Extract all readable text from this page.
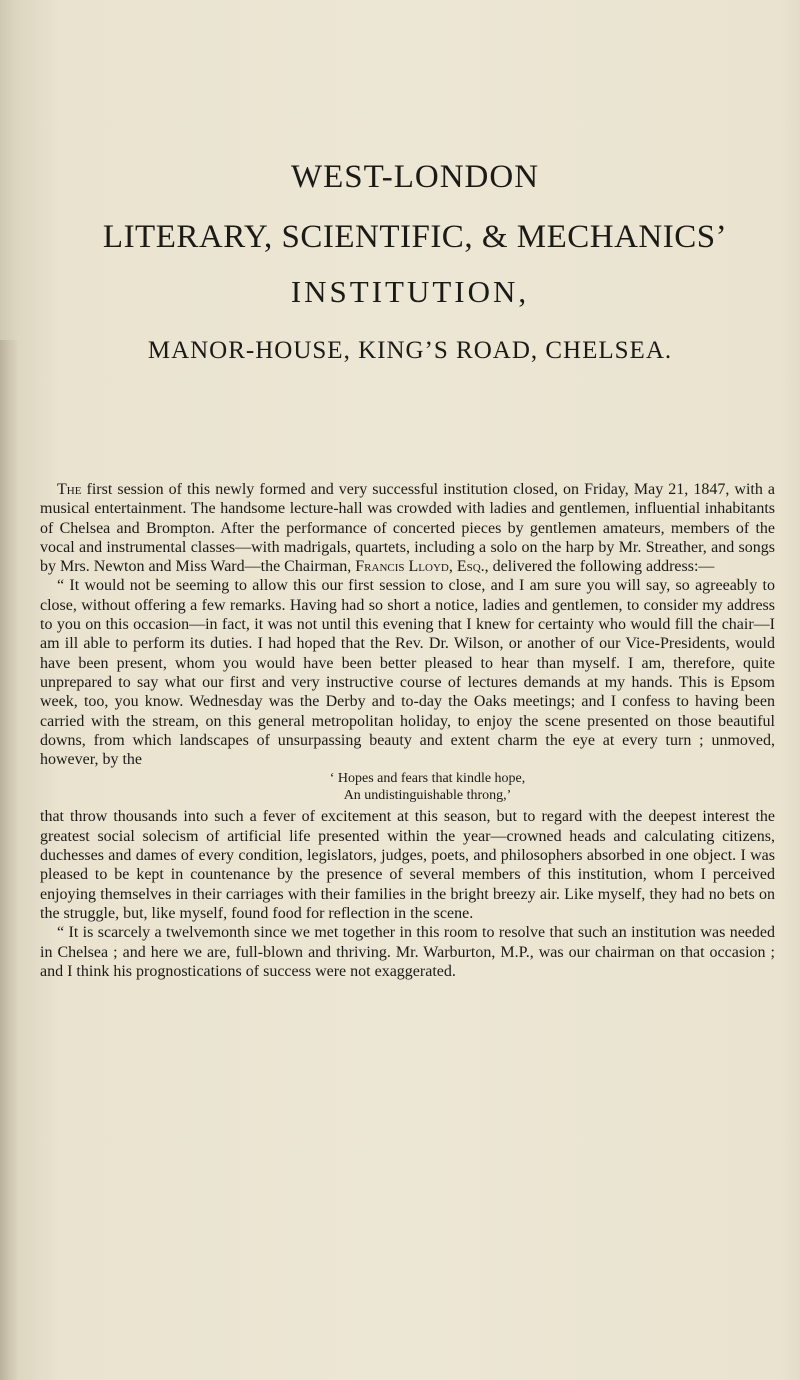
WEST-LONDON
LITERARY, SCIENTIFIC, & MECHANICS’
INSTITUTION,
MANOR-HOUSE, KING’S ROAD, CHELSEA.

The first session of this newly formed and very successful institution closed, on Friday, May 21, 1847, with a musical entertainment. The handsome lecture-hall was crowded with ladies and gentlemen, influential inhabitants of Chelsea and Brompton. After the performance of concerted pieces by gentlemen amateurs, members of the vocal and instrumental classes—with madrigals, quartets, including a solo on the harp by Mr. Streather, and songs by Mrs. Newton and Miss Ward—the Chairman, Francis Lloyd, Esq., delivered the following address:—

“ It would not be seeming to allow this our first session to close, and I am sure you will say, so agreeably to close, without offering a few remarks. Having had so short a notice, ladies and gentlemen, to consider my address to you on this occasion—in fact, it was not until this evening that I knew for certainty who would fill the chair—I am ill able to perform its duties. I had hoped that the Rev. Dr. Wilson, or another of our Vice-Presidents, would have been present, whom you would have been better pleased to hear than myself. I am, therefore, quite unprepared to say what our first and very instructive course of lectures demands at my hands. This is Epsom week, too, you know. Wednesday was the Derby and to-day the Oaks meetings; and I confess to having been carried with the stream, on this general metropolitan holiday, to enjoy the scene presented on those beautiful downs, from which landscapes of unsurpassing beauty and extent charm the eye at every turn ; unmoved, however, by the

‘ Hopes and fears that kindle hope,
An undistinguishable throng,’

that throw thousands into such a fever of excitement at this season, but to regard with the deepest interest the greatest social solecism of artificial life presented within the year—crowned heads and calculating citizens, duchesses and dames of every condition, legislators, judges, poets, and philosophers absorbed in one object. I was pleased to be kept in countenance by the presence of several members of this institution, whom I perceived enjoying themselves in their carriages with their families in the bright breezy air. Like myself, they had no bets on the struggle, but, like myself, found food for reflection in the scene.

“ It is scarcely a twelvemonth since we met together in this room to resolve that such an institution was needed in Chelsea ; and here we are, full-blown and thriving. Mr. Warburton, M.P., was our chairman on that occasion ; and I think his prognostications of success were not exaggerated.
